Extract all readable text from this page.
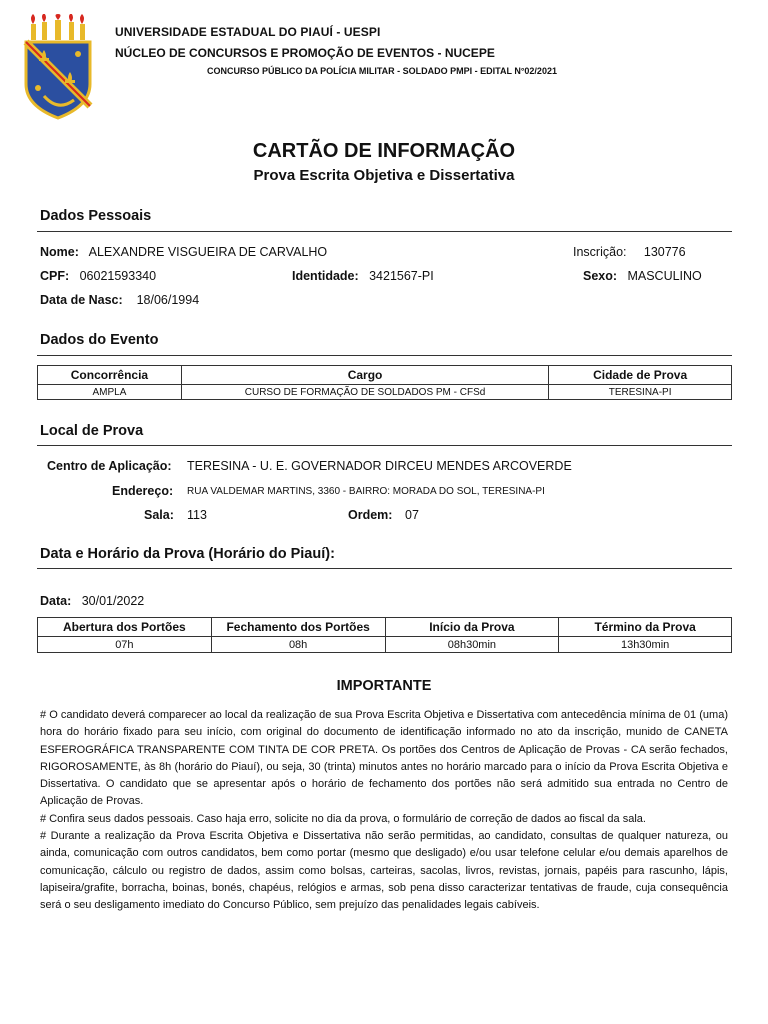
UNIVERSIDADE ESTADUAL DO PIAUÍ - UESPI
NÚCLEO DE CONCURSOS E PROMOÇÃO DE EVENTOS - NUCEPE
CONCURSO PÚBLICO DA POLÍCIA MILITAR - SOLDADO PMPI - EDITAL N°02/2021
CARTÃO DE INFORMAÇÃO
Prova Escrita Objetiva e Dissertativa
Dados Pessoais
Nome: ALEXANDRE VISGUEIRA DE CARVALHO	Inscrição: 130776
CPF: 06021593340	Identidade: 3421567-PI	Sexo: MASCULINO
Data de Nasc: 18/06/1994
Dados do Evento
Concorrência	Cargo	Cidade de Prova
AMPLA	CURSO DE FORMAÇÃO DE SOLDADOS PM - CFSd	TERESINA-PI
Local de Prova
Centro de Aplicação: TERESINA - U. E. GOVERNADOR DIRCEU MENDES ARCOVERDE
Endereço: RUA VALDEMAR MARTINS, 3360 - BAIRRO: MORADA DO SOL, TERESINA-PI
Sala: 113	Ordem: 07
Data e Horário da Prova (Horário do Piauí):
Data: 30/01/2022
Abertura dos Portões	Fechamento dos Portões	Início da Prova	Término da Prova
07h	08h	08h30min	13h30min
IMPORTANTE

# O candidato deverá comparecer ao local da realização de sua Prova Escrita Objetiva e Dissertativa com antecedência mínima de 01 (uma) hora do horário fixado para seu início, com original do documento de identificação informado no ato da inscrição, munido de CANETA ESFEROGRÁFICA TRANSPARENTE COM TINTA DE COR PRETA. Os portões dos Centros de Aplicação de Provas - CA serão fechados, RIGOROSAMENTE, às 8h (horário do Piauí), ou seja, 30 (trinta) minutos antes no horário marcado para o início da Prova Escrita Objetiva e Dissertativa. O candidato que se apresentar após o horário de fechamento dos portões não será admitido sua entrada no Centro de Aplicação de Provas.

# Confira seus dados pessoais. Caso haja erro, solicite no dia da prova, o formulário de correção de dados ao fiscal da sala.

# Durante a realização da Prova Escrita Objetiva e Dissertativa não serão permitidas, ao candidato, consultas de qualquer natureza, ou ainda, comunicação com outros candidatos, bem como portar (mesmo que desligado) e/ou usar telefone celular e/ou demais aparelhos de comunicação, cálculo ou registro de dados, assim como bolsas, carteiras, sacolas, livros, revistas, jornais, papéis para rascunho, lápis, lapiseira/grafite, borracha, boinas, bonés, chapéus, relógios e armas, sob pena disso caracterizar tentativas de fraude, cuja consequência será o seu desligamento imediato do Concurso Público, sem prejuízo das penalidades legais cabíveis.
